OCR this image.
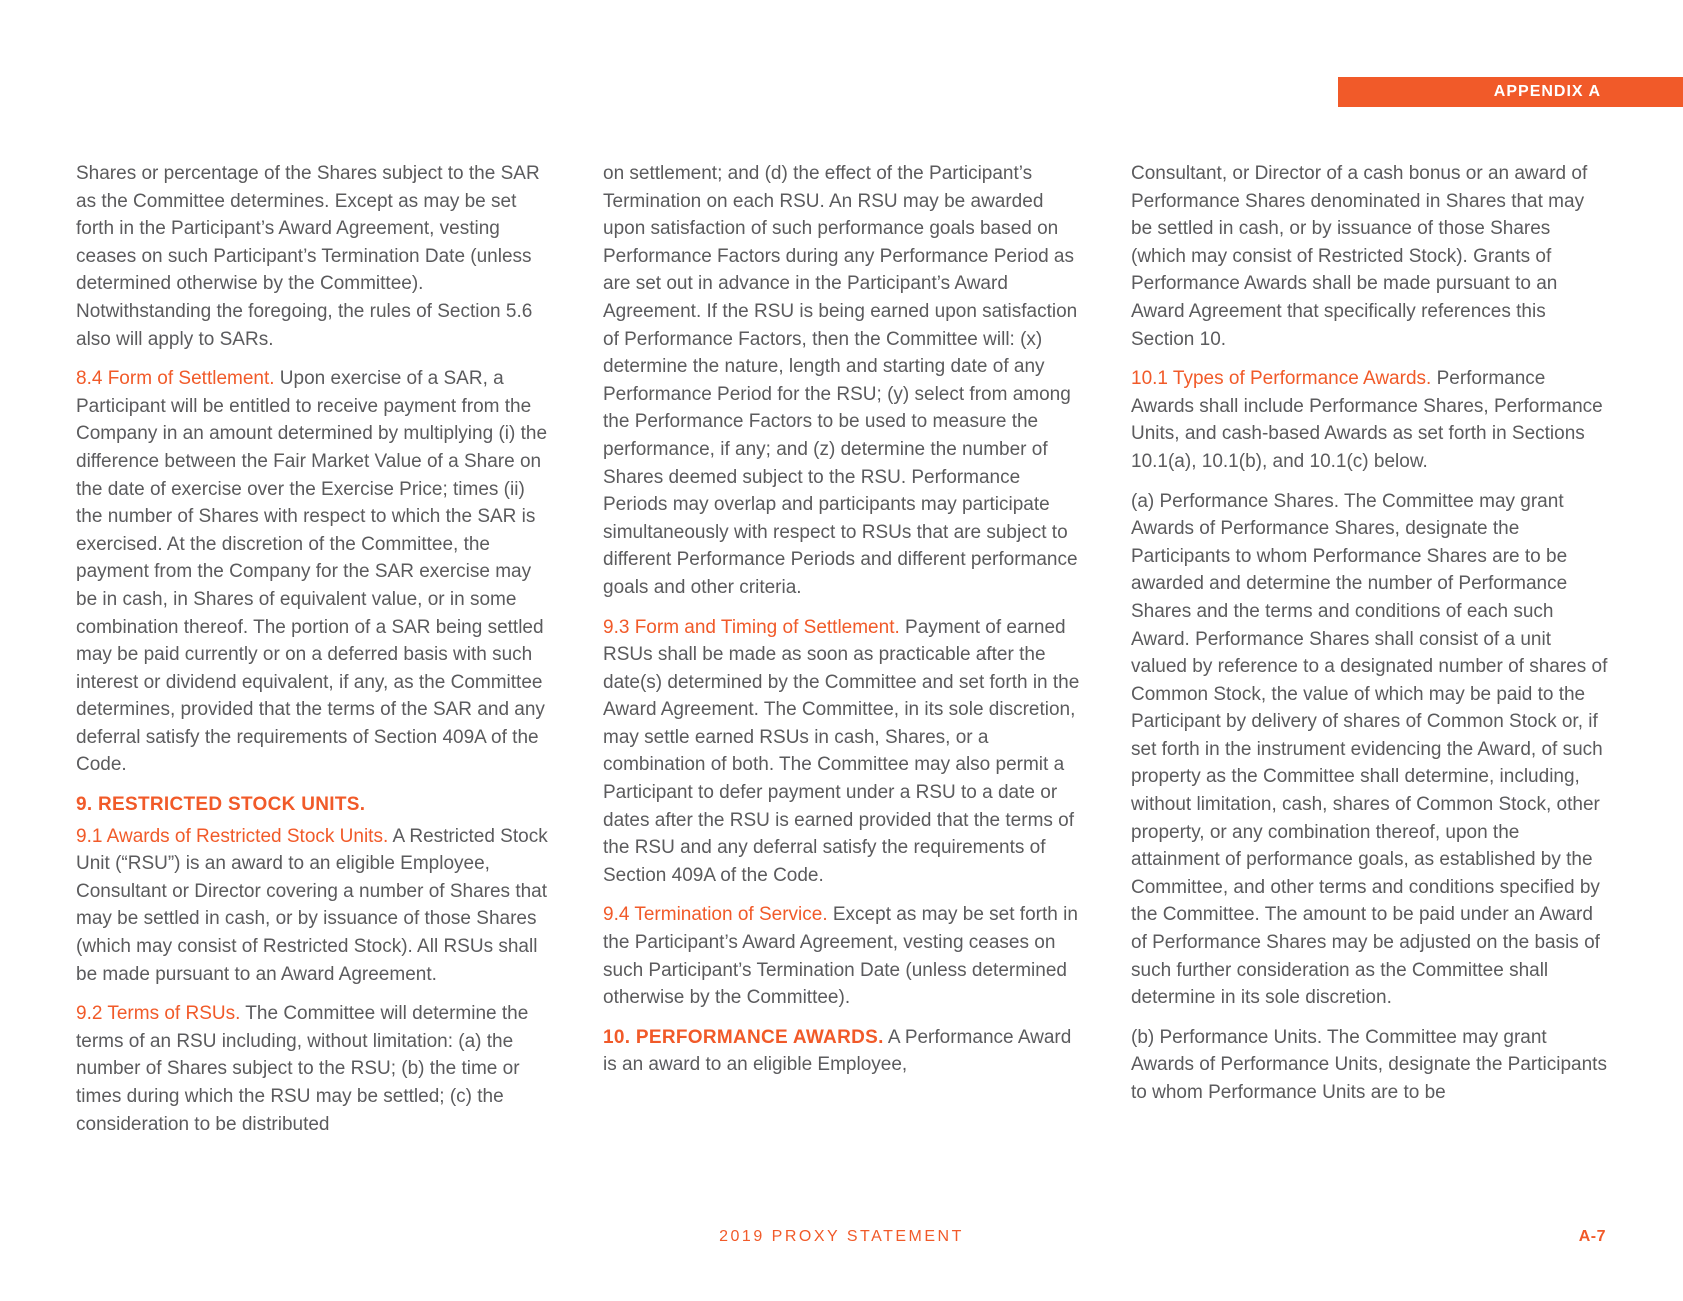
APPENDIX A

Shares or percentage of the Shares subject to the SAR as the Committee determines. Except as may be set forth in the Participant’s Award Agreement, vesting ceases on such Participant’s Termination Date (unless determined otherwise by the Committee). Notwithstanding the foregoing, the rules of Section 5.6 also will apply to SARs.

8.4 Form of Settlement. Upon exercise of a SAR, a Participant will be entitled to receive payment from the Company in an amount determined by multiplying (i) the difference between the Fair Market Value of a Share on the date of exercise over the Exercise Price; times (ii) the number of Shares with respect to which the SAR is exercised. At the discretion of the Committee, the payment from the Company for the SAR exercise may be in cash, in Shares of equivalent value, or in some combination thereof. The portion of a SAR being settled may be paid currently or on a deferred basis with such interest or dividend equivalent, if any, as the Committee determines, provided that the terms of the SAR and any deferral satisfy the requirements of Section 409A of the Code.

9. RESTRICTED STOCK UNITS.

9.1 Awards of Restricted Stock Units. A Restricted Stock Unit (“RSU”) is an award to an eligible Employee, Consultant or Director covering a number of Shares that may be settled in cash, or by issuance of those Shares (which may consist of Restricted Stock). All RSUs shall be made pursuant to an Award Agreement.

9.2 Terms of RSUs. The Committee will determine the terms of an RSU including, without limitation: (a) the number of Shares subject to the RSU; (b) the time or times during which the RSU may be settled; (c) the consideration to be distributed

on settlement; and (d) the effect of the Participant’s Termination on each RSU. An RSU may be awarded upon satisfaction of such performance goals based on Performance Factors during any Performance Period as are set out in advance in the Participant’s Award Agreement. If the RSU is being earned upon satisfaction of Performance Factors, then the Committee will: (x) determine the nature, length and starting date of any Performance Period for the RSU; (y) select from among the Performance Factors to be used to measure the performance, if any; and (z) determine the number of Shares deemed subject to the RSU. Performance Periods may overlap and participants may participate simultaneously with respect to RSUs that are subject to different Performance Periods and different performance goals and other criteria.

9.3 Form and Timing of Settlement. Payment of earned RSUs shall be made as soon as practicable after the date(s) determined by the Committee and set forth in the Award Agreement. The Committee, in its sole discretion, may settle earned RSUs in cash, Shares, or a combination of both. The Committee may also permit a Participant to defer payment under a RSU to a date or dates after the RSU is earned provided that the terms of the RSU and any deferral satisfy the requirements of Section 409A of the Code.

9.4 Termination of Service. Except as may be set forth in the Participant’s Award Agreement, vesting ceases on such Participant’s Termination Date (unless determined otherwise by the Committee).

10. PERFORMANCE AWARDS. A Performance Award is an award to an eligible Employee,

Consultant, or Director of a cash bonus or an award of Performance Shares denominated in Shares that may be settled in cash, or by issuance of those Shares (which may consist of Restricted Stock). Grants of Performance Awards shall be made pursuant to an Award Agreement that specifically references this Section 10.

10.1 Types of Performance Awards. Performance Awards shall include Performance Shares, Performance Units, and cash-based Awards as set forth in Sections 10.1(a), 10.1(b), and 10.1(c) below.

(a) Performance Shares. The Committee may grant Awards of Performance Shares, designate the Participants to whom Performance Shares are to be awarded and determine the number of Performance Shares and the terms and conditions of each such Award. Performance Shares shall consist of a unit valued by reference to a designated number of shares of Common Stock, the value of which may be paid to the Participant by delivery of shares of Common Stock or, if set forth in the instrument evidencing the Award, of such property as the Committee shall determine, including, without limitation, cash, shares of Common Stock, other property, or any combination thereof, upon the attainment of performance goals, as established by the Committee, and other terms and conditions specified by the Committee. The amount to be paid under an Award of Performance Shares may be adjusted on the basis of such further consideration as the Committee shall determine in its sole discretion.

(b) Performance Units. The Committee may grant Awards of Performance Units, designate the Participants to whom Performance Units are to be

2019 PROXY STATEMENT	A-7
